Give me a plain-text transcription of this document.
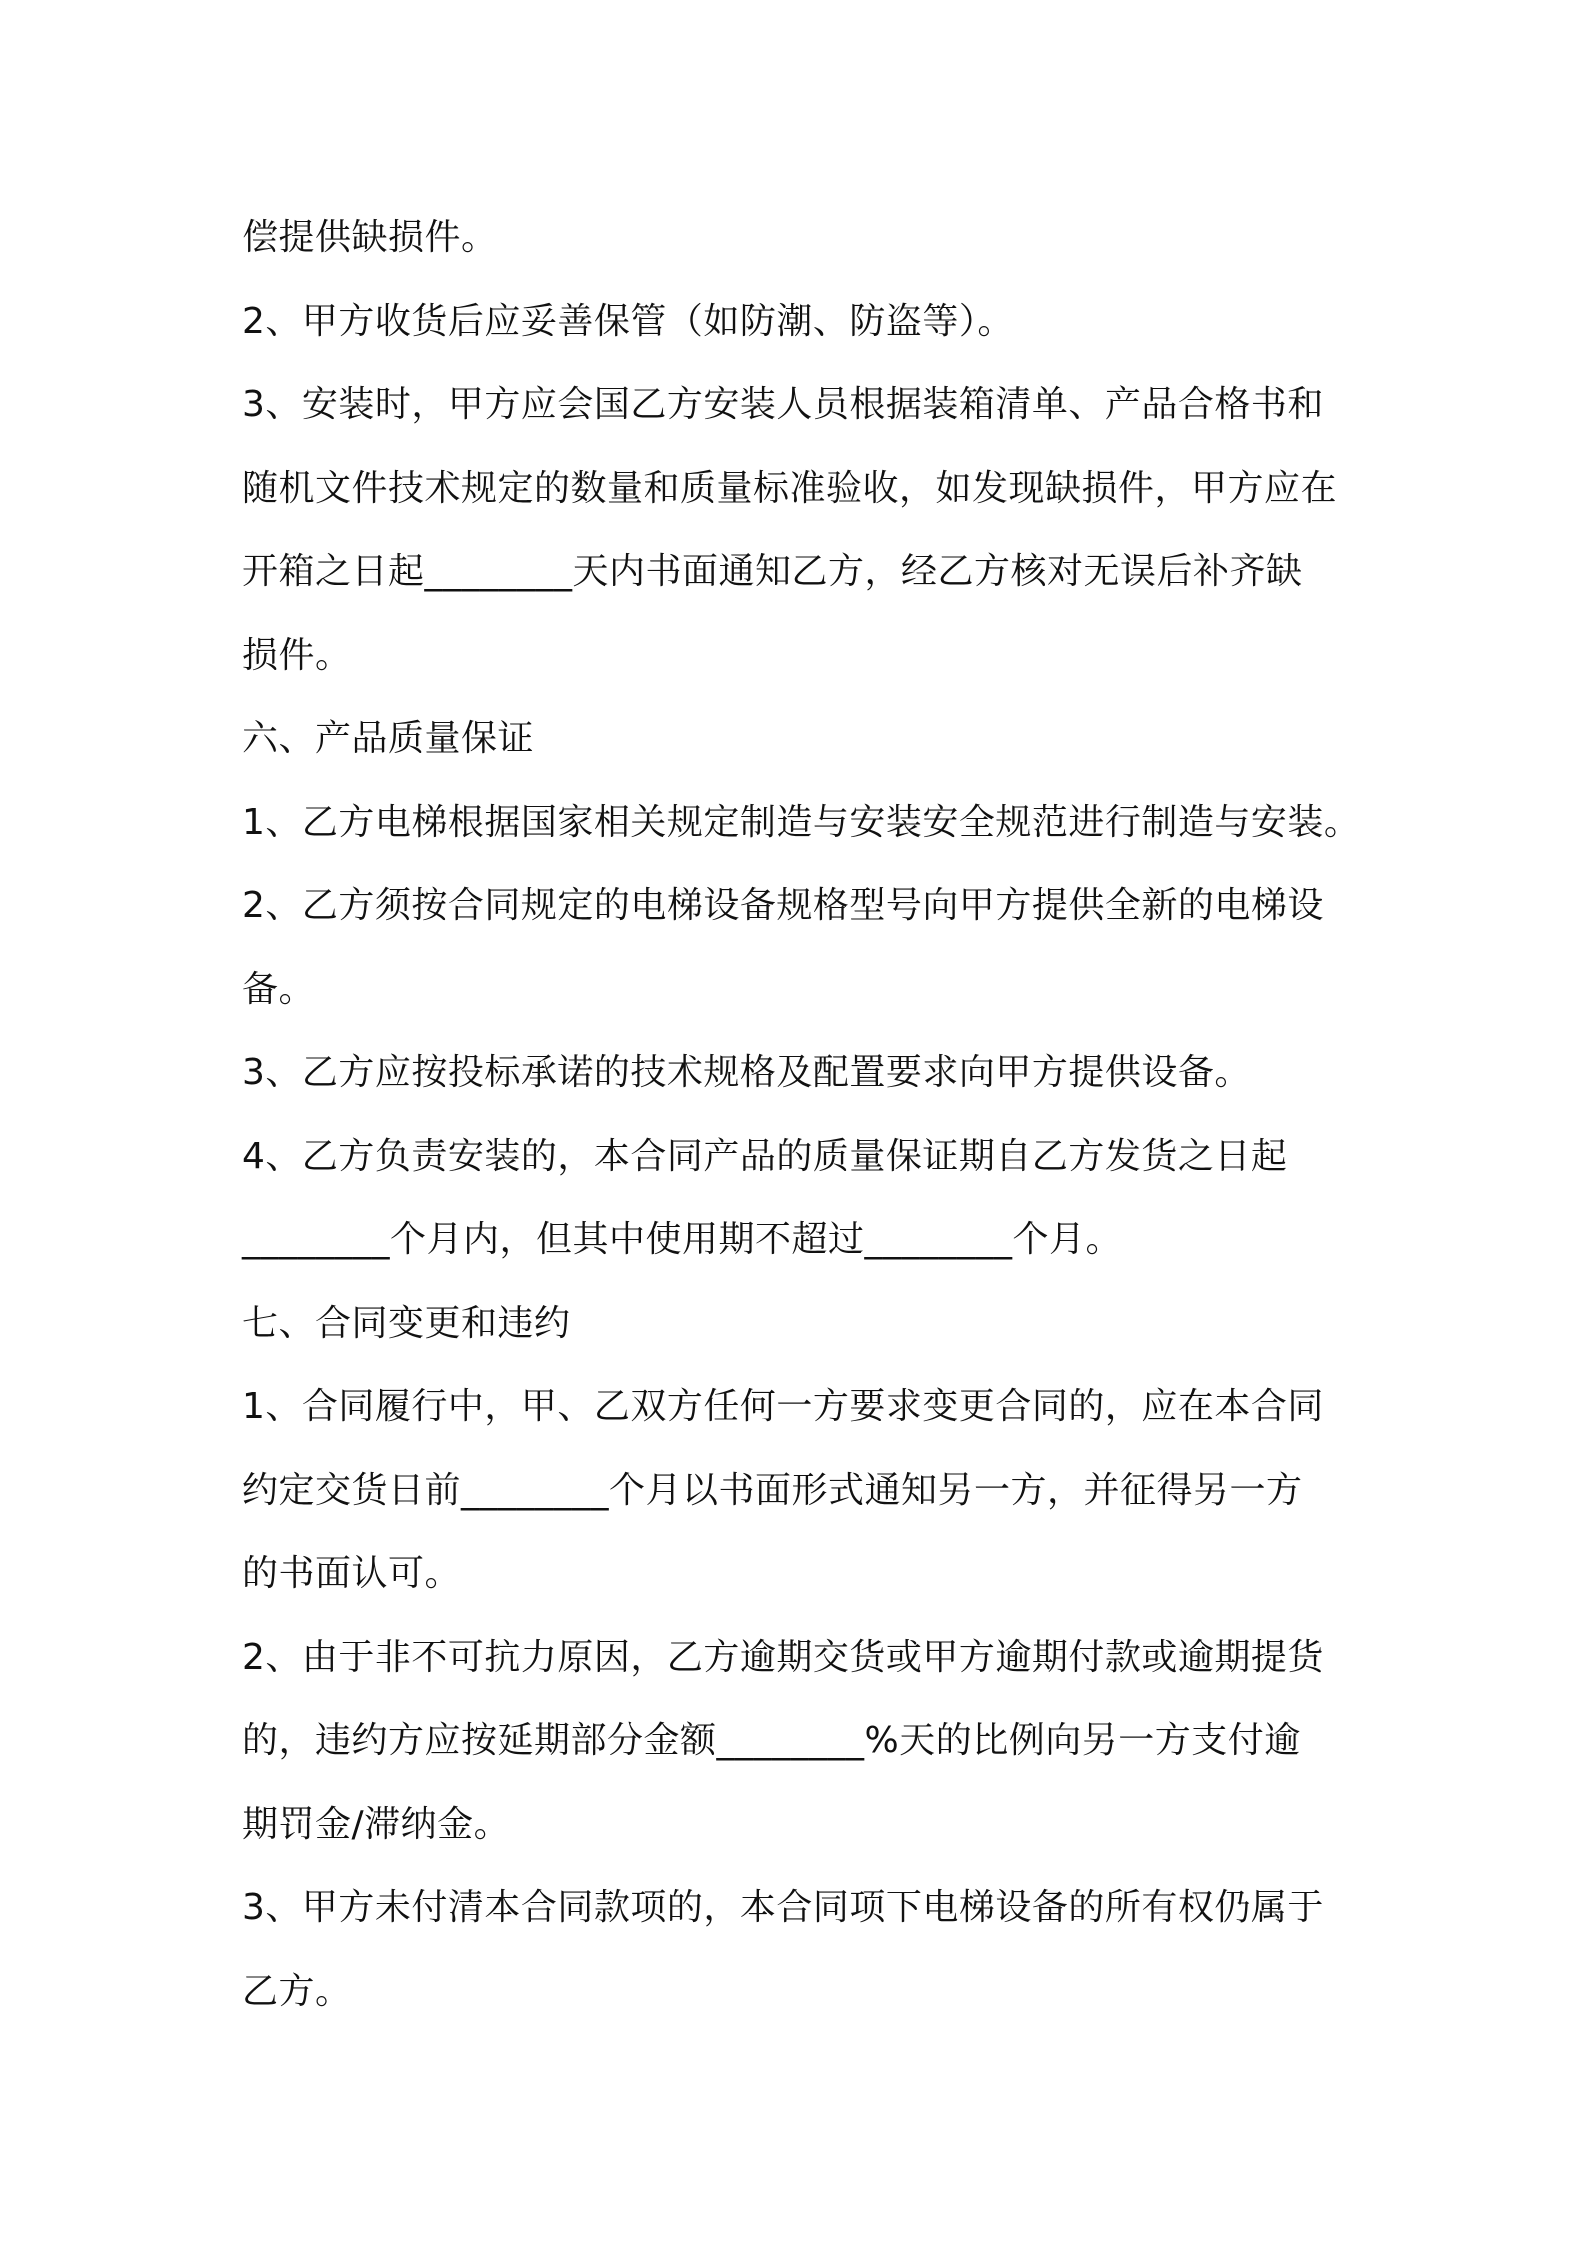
偿提供缺损件。
2、甲方收货后应妥善保管（如防潮、防盗等）。
3、安装时，甲方应会国乙方安装人员根据装箱清单、产品合格书和
随机文件技术规定的数量和质量标准验收，如发现缺损件，甲方应在
开箱之日起________天内书面通知乙方，经乙方核对无误后补齐缺
损件。
六、产品质量保证
1、乙方电梯根据国家相关规定制造与安装安全规范进行制造与安装。
2、乙方须按合同规定的电梯设备规格型号向甲方提供全新的电梯设
备。
3、乙方应按投标承诺的技术规格及配置要求向甲方提供设备。
4、乙方负责安装的，本合同产品的质量保证期自乙方发货之日起
________个月内，但其中使用期不超过________个月。
七、合同变更和违约
1、合同履行中，甲、乙双方任何一方要求变更合同的，应在本合同
约定交货日前________个月以书面形式通知另一方，并征得另一方
的书面认可。
2、由于非不可抗力原因，乙方逾期交货或甲方逾期付款或逾期提货
的，违约方应按延期部分金额________%天的比例向另一方支付逾
期罚金/滞纳金。
3、甲方未付清本合同款项的，本合同项下电梯设备的所有权仍属于
乙方。
